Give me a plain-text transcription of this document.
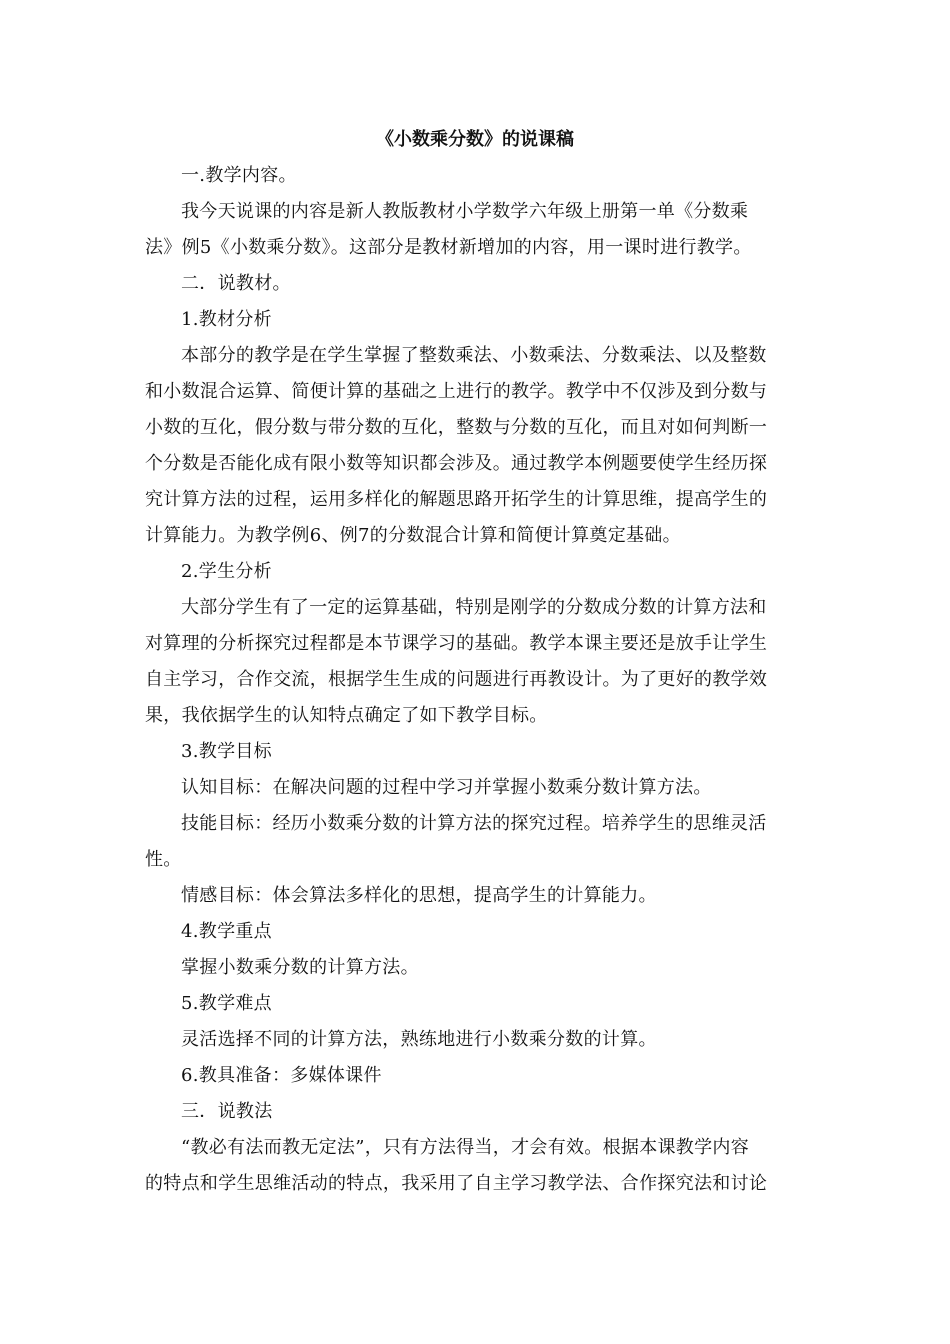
《小数乘分数》的说课稿
一.教学内容。
我今天说课的内容是新人教版教材小学数学六年级上册第一单《分数乘
法》例5《小数乘分数》。这部分是教材新增加的内容，用一课时进行教学。
二．说教材。
1.教材分析
本部分的教学是在学生掌握了整数乘法、小数乘法、分数乘法、以及整数
和小数混合运算、简便计算的基础之上进行的教学。教学中不仅涉及到分数与
小数的互化，假分数与带分数的互化，整数与分数的互化，而且对如何判断一
个分数是否能化成有限小数等知识都会涉及。通过教学本例题要使学生经历探
究计算方法的过程，运用多样化的解题思路开拓学生的计算思维，提高学生的
计算能力。为教学例6、例7的分数混合计算和简便计算奠定基础。
2.学生分析
大部分学生有了一定的运算基础，特别是刚学的分数成分数的计算方法和
对算理的分析探究过程都是本节课学习的基础。教学本课主要还是放手让学生
自主学习，合作交流，根据学生生成的问题进行再教设计。为了更好的教学效
果，我依据学生的认知特点确定了如下教学目标。
3.教学目标
认知目标：在解决问题的过程中学习并掌握小数乘分数计算方法。
技能目标：经历小数乘分数的计算方法的探究过程。培养学生的思维灵活
性。
情感目标：体会算法多样化的思想，提高学生的计算能力。
4.教学重点
掌握小数乘分数的计算方法。
5.教学难点
灵活选择不同的计算方法，熟练地进行小数乘分数的计算。
6.教具准备：多媒体课件
三．说教法
“教必有法而教无定法”，只有方法得当，才会有效。根据本课教学内容
的特点和学生思维活动的特点，我采用了自主学习教学法、合作探究法和讨论
